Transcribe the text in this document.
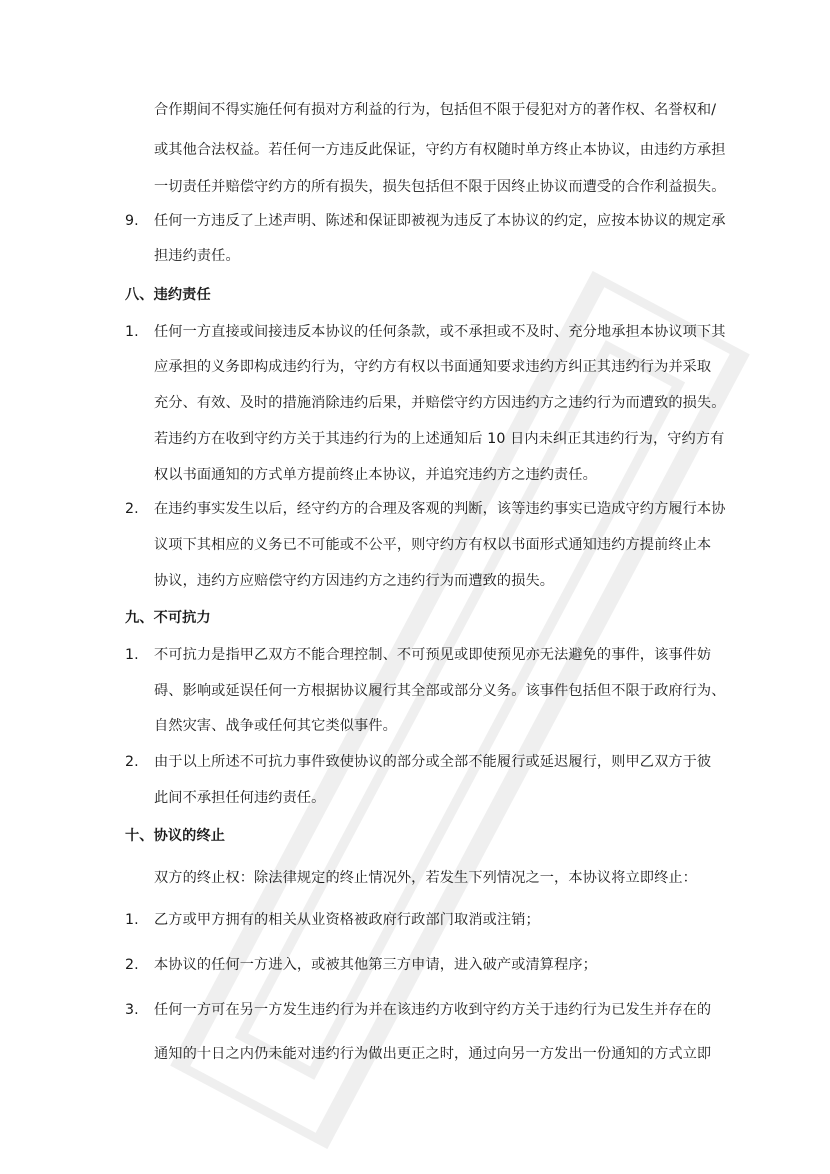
合作期间不得实施任何有损对方利益的行为，包括但不限于侵犯对方的著作权、名誉权和/
或其他合法权益。若任何一方违反此保证，守约方有权随时单方终止本协议，由违约方承担
一切责任并赔偿守约方的所有损失，损失包括但不限于因终止协议而遭受的合作利益损失。
9.	任何一方违反了上述声明、陈述和保证即被视为违反了本协议的约定，应按本协议的规定承
担违约责任。
八、违约责任
1.	任何一方直接或间接违反本协议的任何条款，或不承担或不及时、充分地承担本协议项下其
应承担的义务即构成违约行为，守约方有权以书面通知要求违约方纠正其违约行为并采取
充分、有效、及时的措施消除违约后果，并赔偿守约方因违约方之违约行为而遭致的损失。
若违约方在收到守约方关于其违约行为的上述通知后 10 日内未纠正其违约行为，守约方有
权以书面通知的方式单方提前终止本协议，并追究违约方之违约责任。
2.	在违约事实发生以后，经守约方的合理及客观的判断，该等违约事实已造成守约方履行本协
议项下其相应的义务已不可能或不公平，则守约方有权以书面形式通知违约方提前终止本
协议，违约方应赔偿守约方因违约方之违约行为而遭致的损失。
九、不可抗力
1.	不可抗力是指甲乙双方不能合理控制、不可预见或即使预见亦无法避免的事件，该事件妨
碍、影响或延误任何一方根据协议履行其全部或部分义务。该事件包括但不限于政府行为、
自然灾害、战争或任何其它类似事件。
2.	由于以上所述不可抗力事件致使协议的部分或全部不能履行或延迟履行，则甲乙双方于彼
此间不承担任何违约责任。
十、协议的终止
双方的终止权：除法律规定的终止情况外，若发生下列情况之一，本协议将立即终止：
1.	乙方或甲方拥有的相关从业资格被政府行政部门取消或注销；
2.	本协议的任何一方进入，或被其他第三方申请，进入破产或清算程序；
3.	任何一方可在另一方发生违约行为并在该违约方收到守约方关于违约行为已发生并存在的
通知的十日之内仍未能对违约行为做出更正之时，通过向另一方发出一份通知的方式立即
